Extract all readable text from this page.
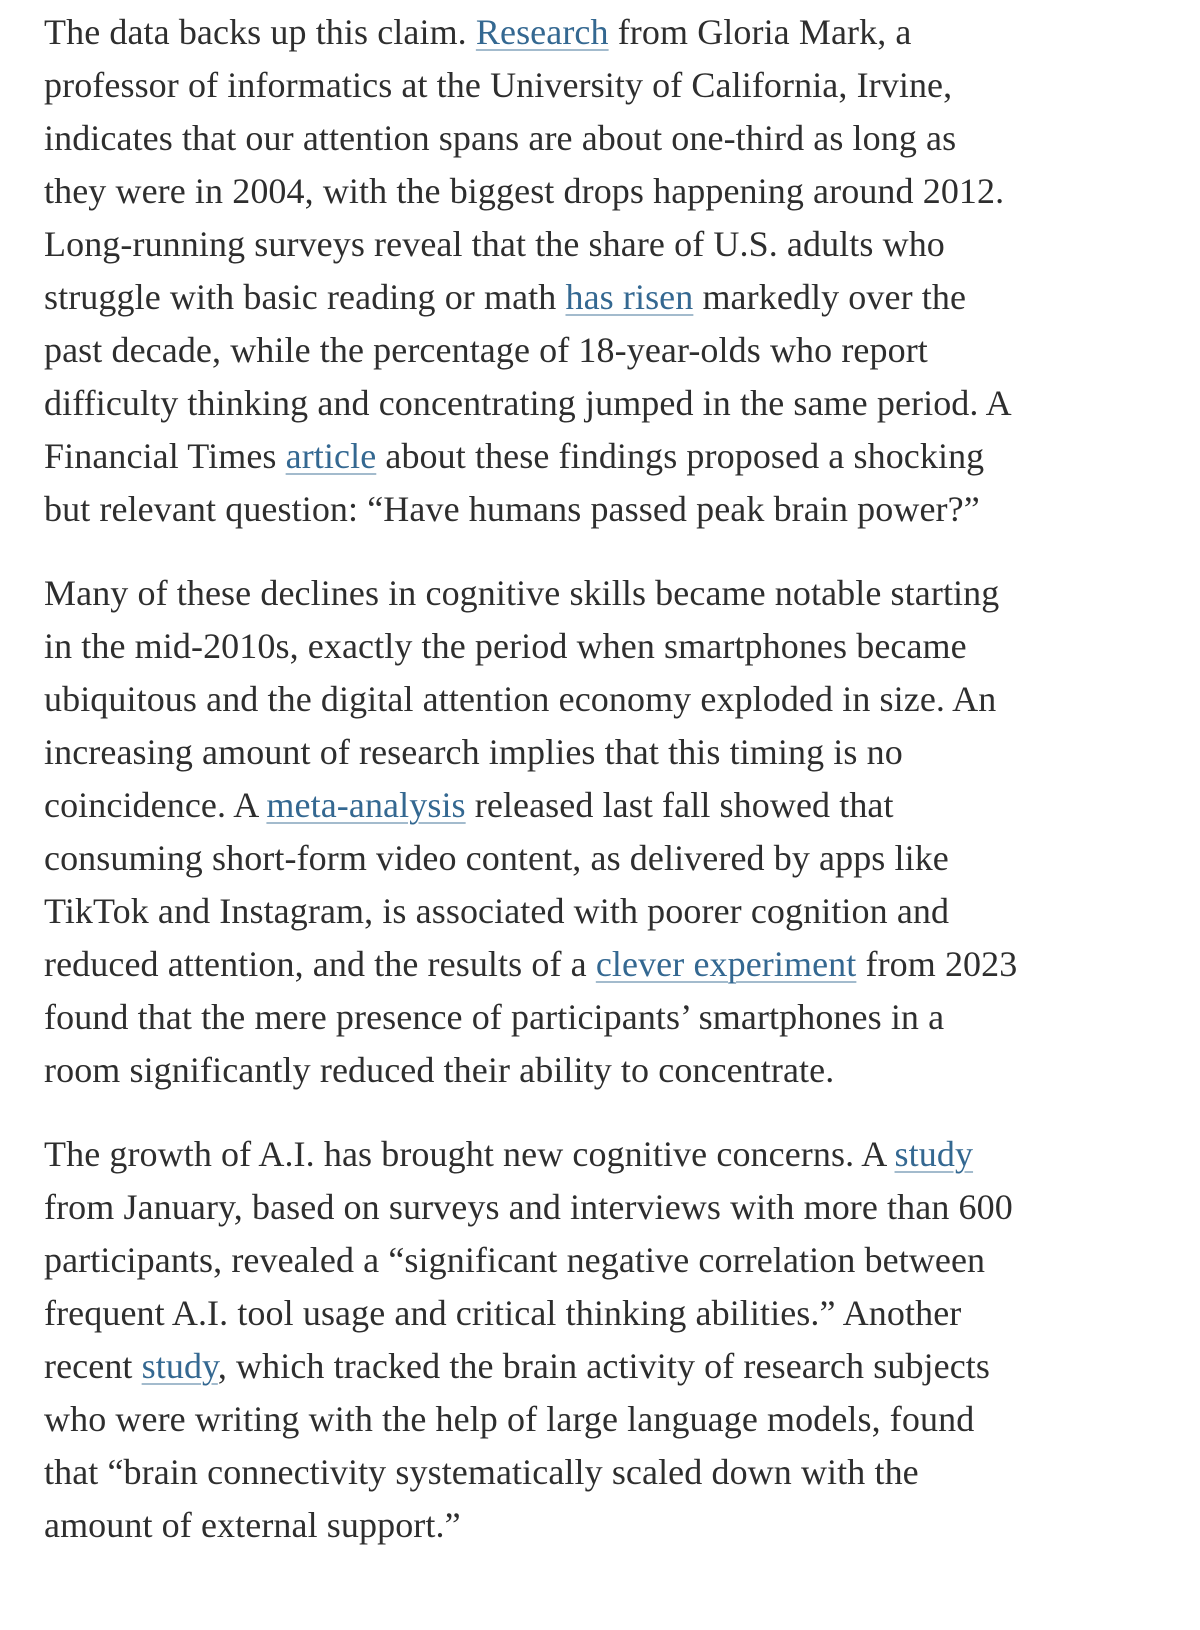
The data backs up this claim. Research from Gloria Mark, a
professor of informatics at the University of California, Irvine,
indicates that our attention spans are about one-third as long as
they were in 2004, with the biggest drops happening around 2012.
Long-running surveys reveal that the share of U.S. adults who
struggle with basic reading or math has risen markedly over the
past decade, while the percentage of 18-year-olds who report
difficulty thinking and concentrating jumped in the same period. A
Financial Times article about these findings proposed a shocking
but relevant question: “Have humans passed peak brain power?”
Many of these declines in cognitive skills became notable starting
in the mid-2010s, exactly the period when smartphones became
ubiquitous and the digital attention economy exploded in size. An
increasing amount of research implies that this timing is no
coincidence. A meta-analysis released last fall showed that
consuming short-form video content, as delivered by apps like
TikTok and Instagram, is associated with poorer cognition and
reduced attention, and the results of a clever experiment from 2023
found that the mere presence of participants’ smartphones in a
room significantly reduced their ability to concentrate.
The growth of A.I. has brought new cognitive concerns. A study
from January, based on surveys and interviews with more than 600
participants, revealed a “significant negative correlation between
frequent A.I. tool usage and critical thinking abilities.” Another
recent study, which tracked the brain activity of research subjects
who were writing with the help of large language models, found
that “brain connectivity systematically scaled down with the
amount of external support.”
